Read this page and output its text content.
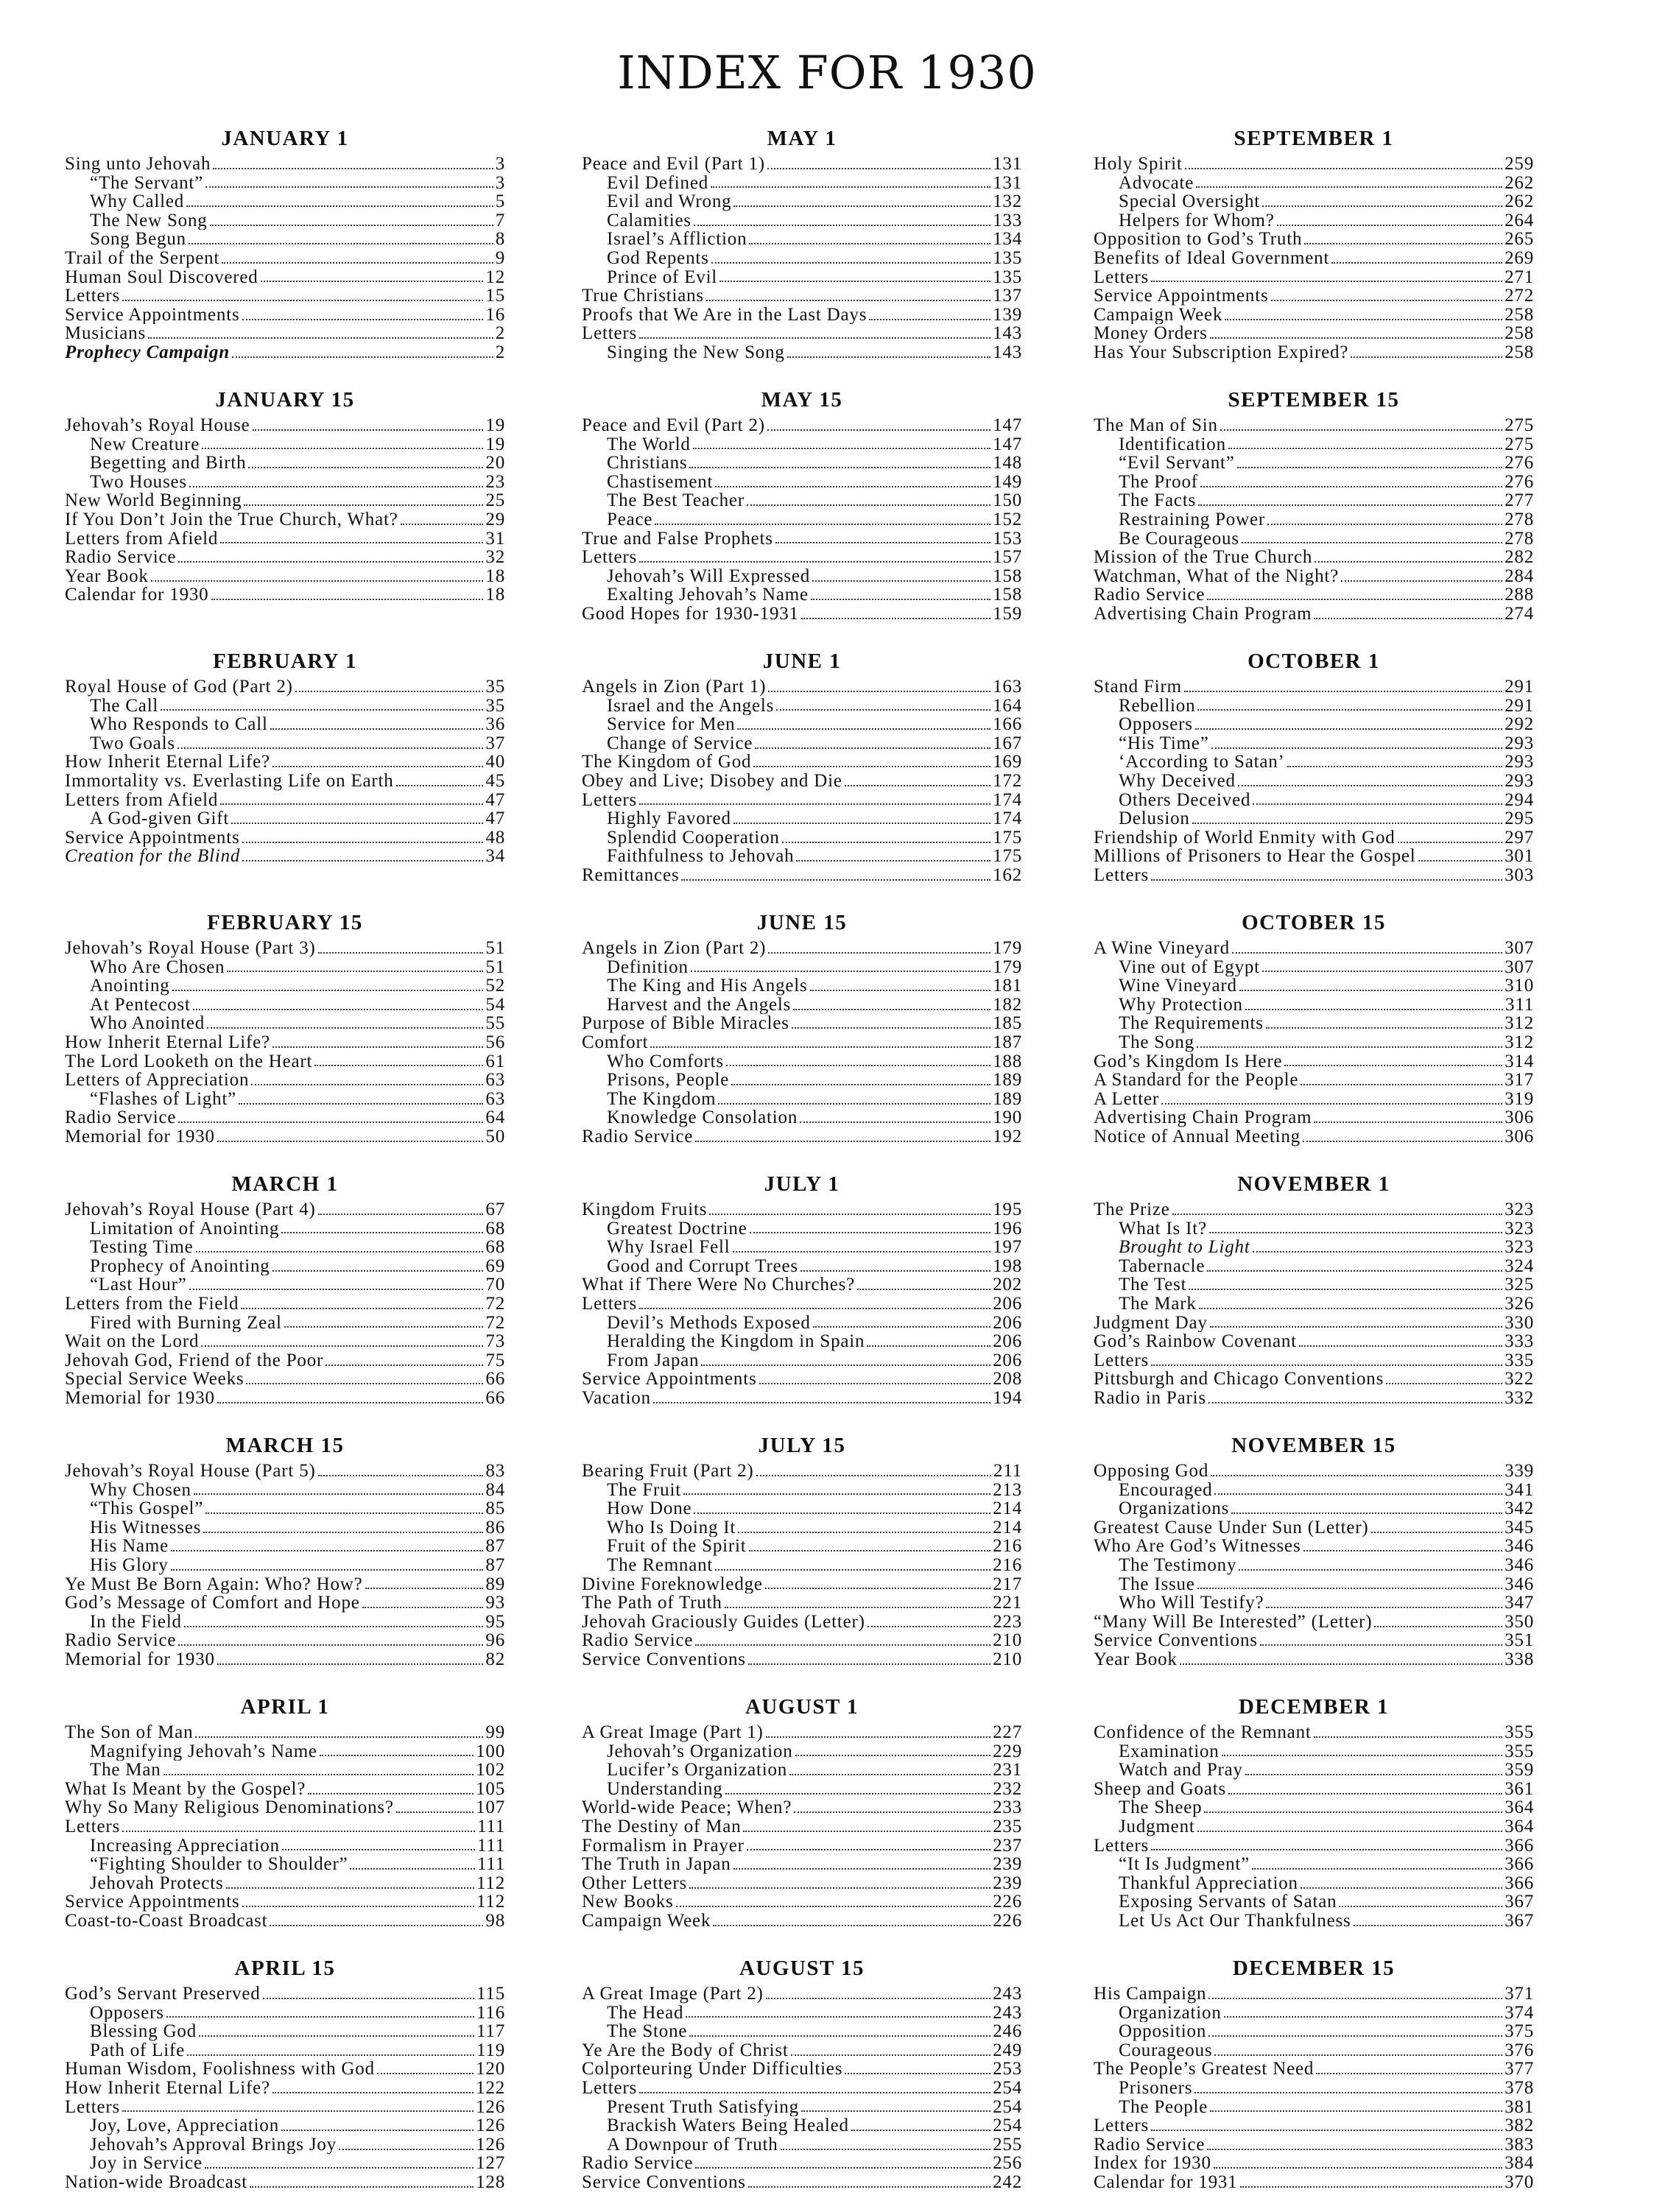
INDEX FOR 1930
JANUARY 1
Sing unto Jehovah	3
“The Servant”	3
Why Called	5
The New Song	7
Song Begun	8
Trail of the Serpent	9
Human Soul Discovered	12
Letters	15
Service Appointments	16
Musicians	2
Prophecy Campaign	2
JANUARY 15
Jehovah’s Royal House	19
New Creature	19
Begetting and Birth	20
Two Houses	23
New World Beginning	25
If You Don’t Join the True Church, What?	29
Letters from Afield	31
Radio Service	32
Year Book	18
Calendar for 1930	18
FEBRUARY 1
Royal House of God (Part 2)	35
The Call	35
Who Responds to Call	36
Two Goals	37
How Inherit Eternal Life?	40
Immortality vs. Everlasting Life on Earth	45
Letters from Afield	47
A God-given Gift	47
Service Appointments	48
Creation for the Blind	34
FEBRUARY 15
Jehovah’s Royal House (Part 3)	51
Who Are Chosen	51
Anointing	52
At Pentecost	54
Who Anointed	55
How Inherit Eternal Life?	56
The Lord Looketh on the Heart	61
Letters of Appreciation	63
“Flashes of Light”	63
Radio Service	64
Memorial for 1930	50
MARCH 1
Jehovah’s Royal House (Part 4)	67
Limitation of Anointing	68
Testing Time	68
Prophecy of Anointing	69
“Last Hour”	70
Letters from the Field	72
Fired with Burning Zeal	72
Wait on the Lord	73
Jehovah God, Friend of the Poor	75
Special Service Weeks	66
Memorial for 1930	66
MARCH 15
Jehovah’s Royal House (Part 5)	83
Why Chosen	84
“This Gospel”	85
His Witnesses	86
His Name	87
His Glory	87
Ye Must Be Born Again: Who? How?	89
God’s Message of Comfort and Hope	93
In the Field	95
Radio Service	96
Memorial for 1930	82
APRIL 1
The Son of Man	99
Magnifying Jehovah’s Name	100
The Man	102
What Is Meant by the Gospel?	105
Why So Many Religious Denominations?	107
Letters	111
Increasing Appreciation	111
“Fighting Shoulder to Shoulder”	111
Jehovah Protects	112
Service Appointments	112
Coast-to-Coast Broadcast	98
APRIL 15
God’s Servant Preserved	115
Opposers	116
Blessing God	117
Path of Life	119
Human Wisdom, Foolishness with God	120
How Inherit Eternal Life?	122
Letters	126
Joy, Love, Appreciation	126
Jehovah’s Approval Brings Joy	126
Joy in Service	127
Nation-wide Broadcast	128
MAY 1
Peace and Evil (Part 1)	131
Evil Defined	131
Evil and Wrong	132
Calamities	133
Israel’s Affliction	134
God Repents	135
Prince of Evil	135
True Christians	137
Proofs that We Are in the Last Days	139
Letters	143
Singing the New Song	143
MAY 15
Peace and Evil (Part 2)	147
The World	147
Christians	148
Chastisement	149
The Best Teacher	150
Peace	152
True and False Prophets	153
Letters	157
Jehovah’s Will Expressed	158
Exalting Jehovah’s Name	158
Good Hopes for 1930-1931	159
JUNE 1
Angels in Zion (Part 1)	163
Israel and the Angels	164
Service for Men	166
Change of Service	167
The Kingdom of God	169
Obey and Live; Disobey and Die	172
Letters	174
Highly Favored	174
Splendid Cooperation	175
Faithfulness to Jehovah	175
Remittances	162
JUNE 15
Angels in Zion (Part 2)	179
Definition	179
The King and His Angels	181
Harvest and the Angels	182
Purpose of Bible Miracles	185
Comfort	187
Who Comforts	188
Prisons, People	189
The Kingdom	189
Knowledge Consolation	190
Radio Service	192
JULY 1
Kingdom Fruits	195
Greatest Doctrine	196
Why Israel Fell	197
Good and Corrupt Trees	198
What if There Were No Churches?	202
Letters	206
Devil’s Methods Exposed	206
Heralding the Kingdom in Spain	206
From Japan	206
Service Appointments	208
Vacation	194
JULY 15
Bearing Fruit (Part 2)	211
The Fruit	213
How Done	214
Who Is Doing It	214
Fruit of the Spirit	216
The Remnant	216
Divine Foreknowledge	217
The Path of Truth	221
Jehovah Graciously Guides (Letter)	223
Radio Service	210
Service Conventions	210
AUGUST 1
A Great Image (Part 1)	227
Jehovah’s Organization	229
Lucifer’s Organization	231
Understanding	232
World-wide Peace; When?	233
The Destiny of Man	235
Formalism in Prayer	237
The Truth in Japan	239
Other Letters	239
New Books	226
Campaign Week	226
AUGUST 15
A Great Image (Part 2)	243
The Head	243
The Stone	246
Ye Are the Body of Christ	249
Colporteuring Under Difficulties	253
Letters	254
Present Truth Satisfying	254
Brackish Waters Being Healed	254
A Downpour of Truth	255
Radio Service	256
Service Conventions	242
SEPTEMBER 1
Holy Spirit	259
Advocate	262
Special Oversight	262
Helpers for Whom?	264
Opposition to God’s Truth	265
Benefits of Ideal Government	269
Letters	271
Service Appointments	272
Campaign Week	258
Money Orders	258
Has Your Subscription Expired?	258
SEPTEMBER 15
The Man of Sin	275
Identification	275
“Evil Servant”	276
The Proof	276
The Facts	277
Restraining Power	278
Be Courageous	278
Mission of the True Church	282
Watchman, What of the Night?	284
Radio Service	288
Advertising Chain Program	274
OCTOBER 1
Stand Firm	291
Rebellion	291
Opposers	292
“His Time”	293
‘According to Satan’	293
Why Deceived	293
Others Deceived	294
Delusion	295
Friendship of World Enmity with God	297
Millions of Prisoners to Hear the Gospel	301
Letters	303
OCTOBER 15
A Wine Vineyard	307
Vine out of Egypt	307
Wine Vineyard	310
Why Protection	311
The Requirements	312
The Song	312
God’s Kingdom Is Here	314
A Standard for the People	317
A Letter	319
Advertising Chain Program	306
Notice of Annual Meeting	306
NOVEMBER 1
The Prize	323
What Is It?	323
Brought to Light	323
Tabernacle	324
The Test	325
The Mark	326
Judgment Day	330
God’s Rainbow Covenant	333
Letters	335
Pittsburgh and Chicago Conventions	322
Radio in Paris	332
NOVEMBER 15
Opposing God	339
Encouraged	341
Organizations	342
Greatest Cause Under Sun (Letter)	345
Who Are God’s Witnesses	346
The Testimony	346
The Issue	346
Who Will Testify?	347
“Many Will Be Interested” (Letter)	350
Service Conventions	351
Year Book	338
DECEMBER 1
Confidence of the Remnant	355
Examination	355
Watch and Pray	359
Sheep and Goats	361
The Sheep	364
Judgment	364
Letters	366
“It Is Judgment”	366
Thankful Appreciation	366
Exposing Servants of Satan	367
Let Us Act Our Thankfulness	367
DECEMBER 15
His Campaign	371
Organization	374
Opposition	375
Courageous	376
The People’s Greatest Need	377
Prisoners	378
The People	381
Letters	382
Radio Service	383
Index for 1930	384
Calendar for 1931	370
